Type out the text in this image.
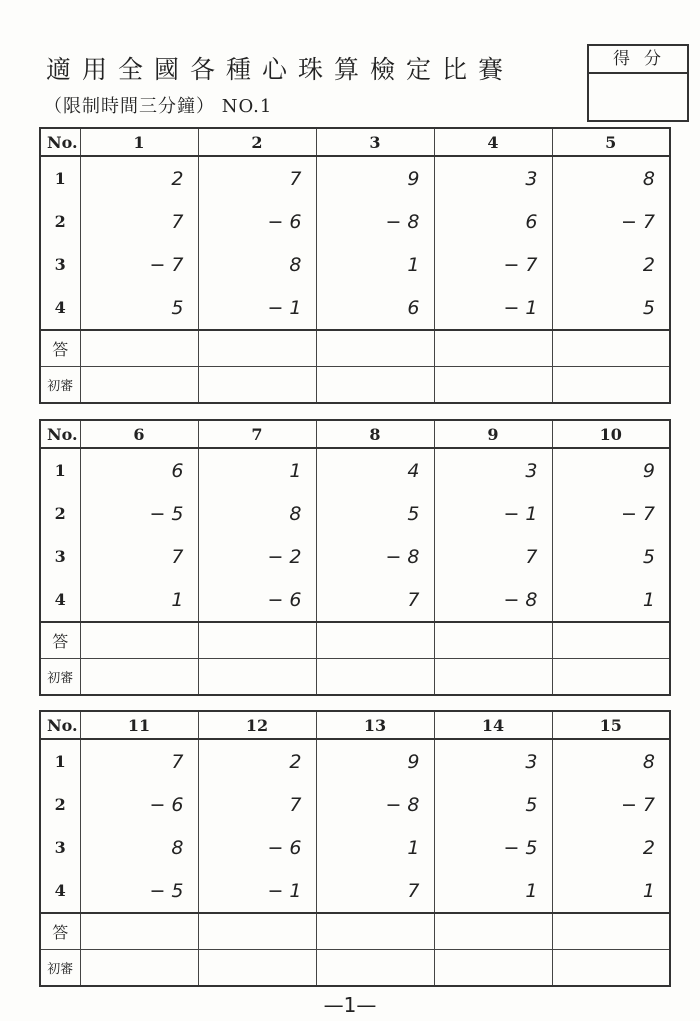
適用全國各種心珠算檢定比賽
（限制時間三分鐘） NO.1
得分
No.	1	2	3	4	5
1	2	7	9	3	8
2	7	− 6	− 8	6	− 7
3	− 7	8	1	− 7	2
4	5	− 1	6	− 1	5
答					
初審					
No.	6	7	8	9	10
1	6	1	4	3	9
2	− 5	8	5	− 1	− 7
3	7	− 2	− 8	7	5
4	1	− 6	7	− 8	1
答					
初審					
No.	11	12	13	14	15
1	7	2	9	3	8
2	− 6	7	− 8	5	− 7
3	8	− 6	1	− 5	2
4	− 5	− 1	7	1	1
答					
初審					
—1—
